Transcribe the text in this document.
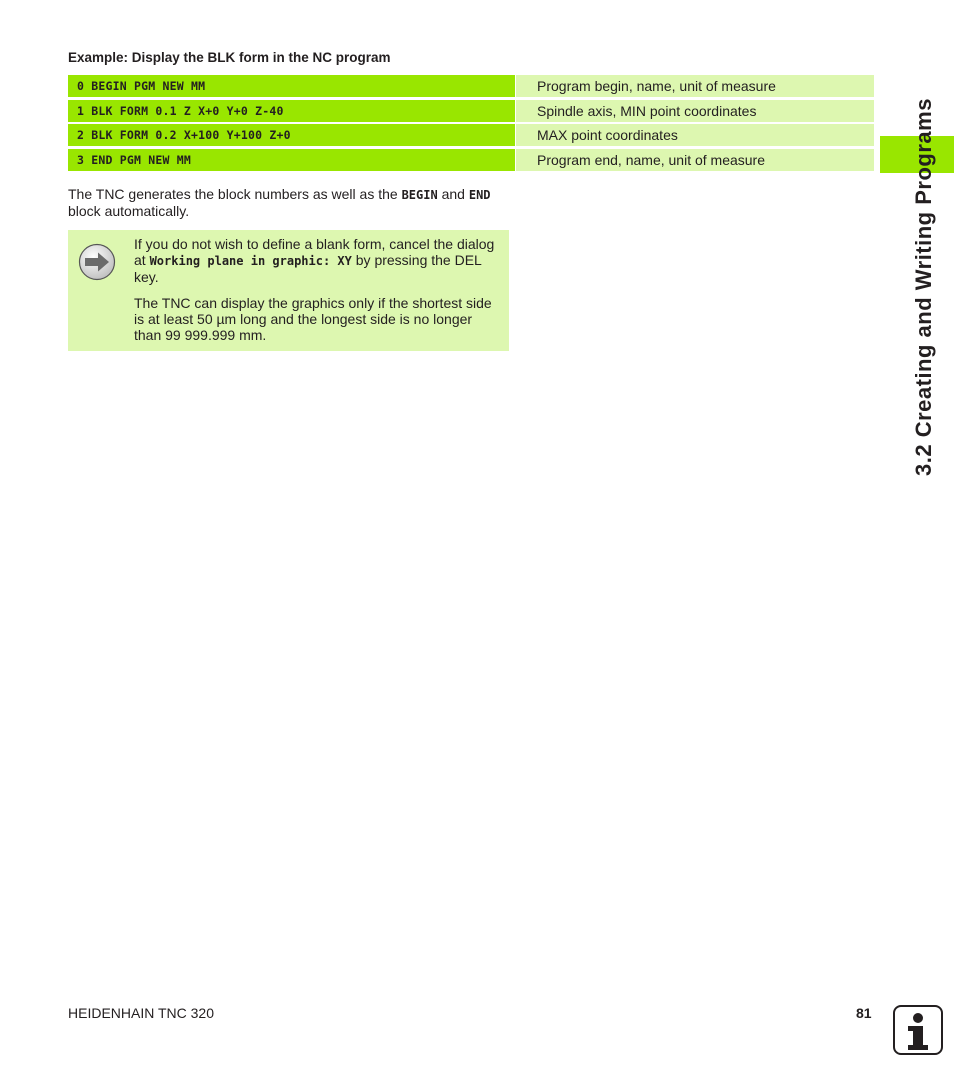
Example: Display the BLK form in the NC program
0 BEGIN PGM NEW MM	Program begin, name, unit of measure
1 BLK FORM 0.1 Z X+0 Y+0 Z-40	Spindle axis, MIN point coordinates
2 BLK FORM 0.2 X+100 Y+100 Z+0	MAX point coordinates
3 END PGM NEW MM	Program end, name, unit of measure
The TNC generates the block numbers as well as the BEGIN and END block automatically.

If you do not wish to define a blank form, cancel the dialog at Working plane in graphic: XY by pressing the DEL key.

The TNC can display the graphics only if the shortest side is at least 50 µm long and the longest side is no longer than 99 999.999 mm.	3.2 Creating and Writing Programs
HEIDENHAIN TNC 320	81
